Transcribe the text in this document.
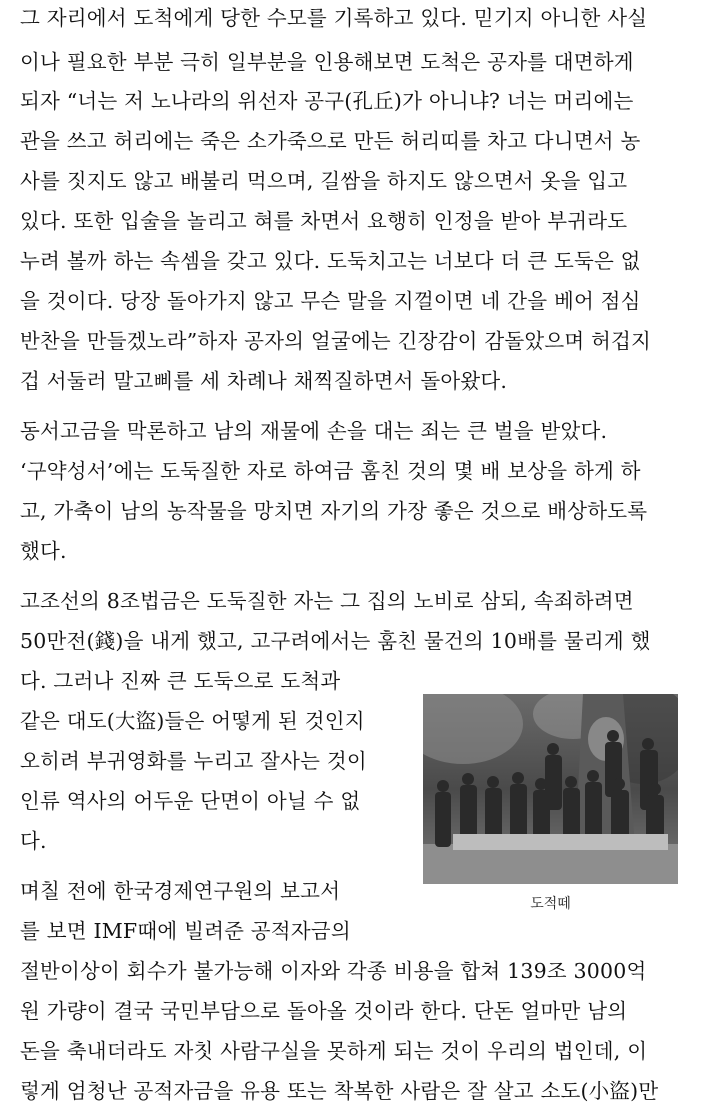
그 자리에서 도척에게 당한 수모를 기록하고 있다. 믿기지 아니한 사실
이나 필요한 부분 극히 일부분을 인용해보면 도척은 공자를 대면하게
되자 “너는 저 노나라의 위선자 공구(孔丘)가 아니냐? 너는 머리에는
관을 쓰고 허리에는 죽은 소가죽으로 만든 허리띠를 차고 다니면서 농
사를 짓지도 않고 배불리 먹으며, 길쌈을 하지도 않으면서 옷을 입고
있다. 또한 입술을 놀리고 혀를 차면서 요행히 인정을 받아 부귀라도
누려 볼까 하는 속셈을 갖고 있다. 도둑치고는 너보다 더 큰 도둑은 없
을 것이다. 당장 돌아가지 않고 무슨 말을 지껄이면 네 간을 베어 점심
반찬을 만들겠노라”하자 공자의 얼굴에는 긴장감이 감돌았으며 허겁지
겁 서둘러 말고삐를 세 차례나 채찍질하면서 돌아왔다.
동서고금을 막론하고 남의 재물에 손을 대는 죄는 큰 벌을 받았다.
‘구약성서’에는 도둑질한 자로 하여금 훔친 것의 몇 배 보상을 하게 하
고, 가축이 남의 농작물을 망치면 자기의 가장 좋은 것으로 배상하도록
했다.
고조선의 8조법금은 도둑질한 자는 그 집의 노비로 삼되, 속죄하려면
50만전(錢)을 내게 했고, 고구려에서는 훔친 물건의 10배를 물리게 했
다. 그러나 진짜 큰 도둑으로 도척과
같은 대도(大盜)들은 어떻게 된 것인지
오히려 부귀영화를 누리고 잘사는 것이
인류 역사의 어두운 단면이 아닐 수 없
다.
며칠 전에 한국경제연구원의 보고서
를 보면 IMF때에 빌려준 공적자금의
절반이상이 회수가 불가능해 이자와 각종 비용을 합쳐 139조 3000억
원 가량이 결국 국민부담으로 돌아올 것이라 한다. 단돈 얼마만 남의
돈을 축내더라도 자칫 사람구실을 못하게 되는 것이 우리의 법인데, 이
렇게 엄청난 공적자금을 유용 또는 착복한 사람은 잘 살고 소도(小盜)만
도적떼
